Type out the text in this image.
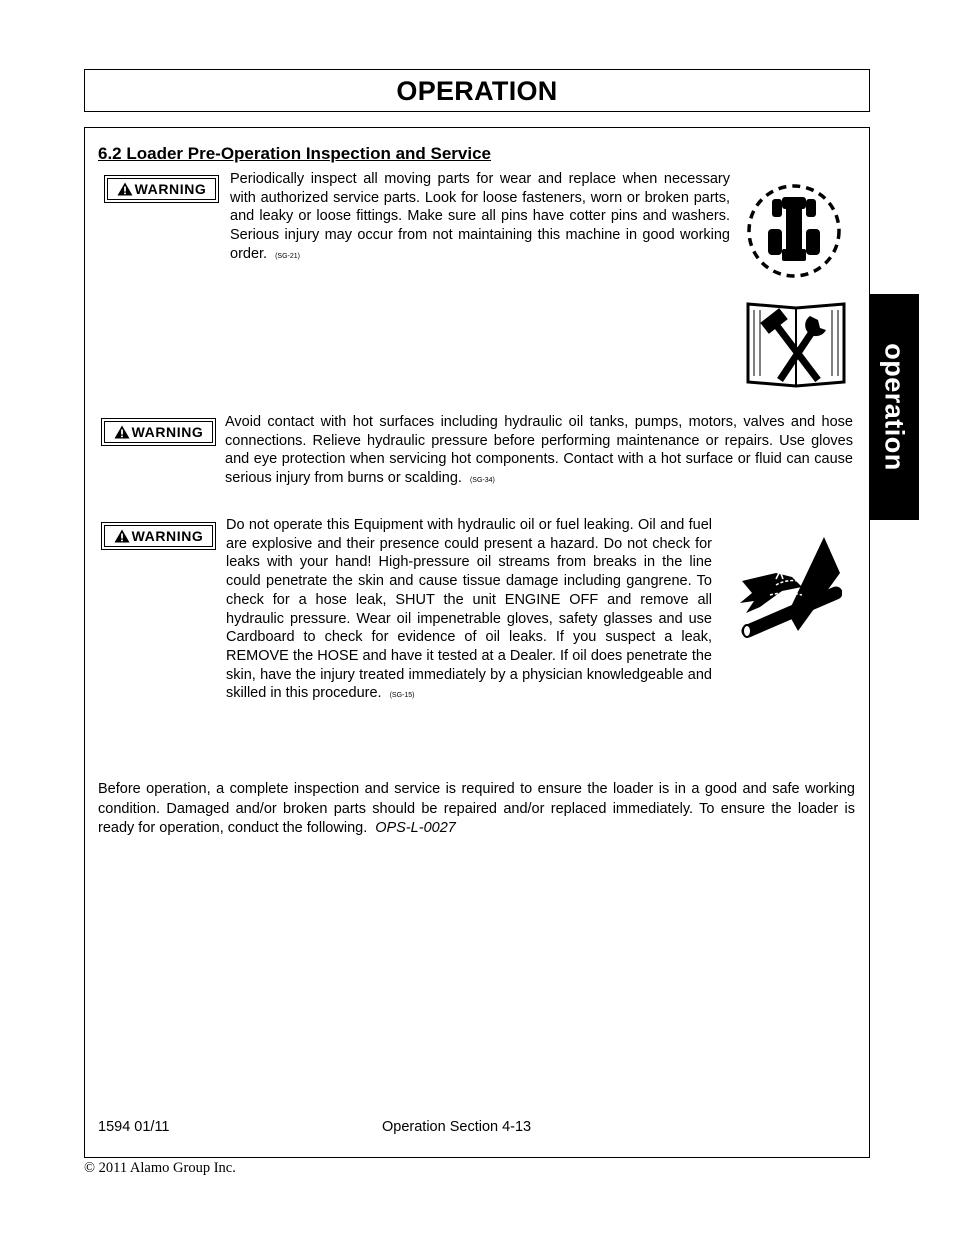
OPERATION
operation
6.2 Loader Pre-Operation Inspection and Service
WARNING
Periodically inspect all moving parts for wear and replace when necessary with authorized service parts. Look for loose fasteners, worn or broken parts, and leaky or loose fittings. Make sure all pins have cotter pins and washers. Serious injury may occur from not maintaining this machine in good working order. (SG-21)
WARNING
Avoid contact with hot surfaces including hydraulic oil tanks, pumps, motors, valves and hose connections. Relieve hydraulic pressure before performing maintenance or repairs. Use gloves and eye protection when servicing hot components. Contact with a hot surface or fluid can cause serious injury from burns or scalding. (SG-34)
WARNING
Do not operate this Equipment with hydraulic oil or fuel leaking. Oil and fuel are explosive and their presence could present a hazard. Do not check for leaks with your hand! High-pressure oil streams from breaks in the line could penetrate the skin and cause tissue damage including gangrene. To check for a hose leak, SHUT the unit ENGINE OFF and remove all hydraulic pressure. Wear oil impenetrable gloves, safety glasses and use Cardboard to check for evidence of oil leaks. If you suspect a leak, REMOVE the HOSE and have it tested at a Dealer. If oil does penetrate the skin, have the injury treated immediately by a physician knowledgeable and skilled in this procedure. (SG-15)
Before operation, a complete inspection and service is required to ensure the loader is in a good and safe working condition. Damaged and/or broken parts should be repaired and/or replaced immediately. To ensure the loader is ready for operation, conduct the following. OPS-L-0027
1594 01/11	Operation Section 4-13
© 2011 Alamo Group Inc.
